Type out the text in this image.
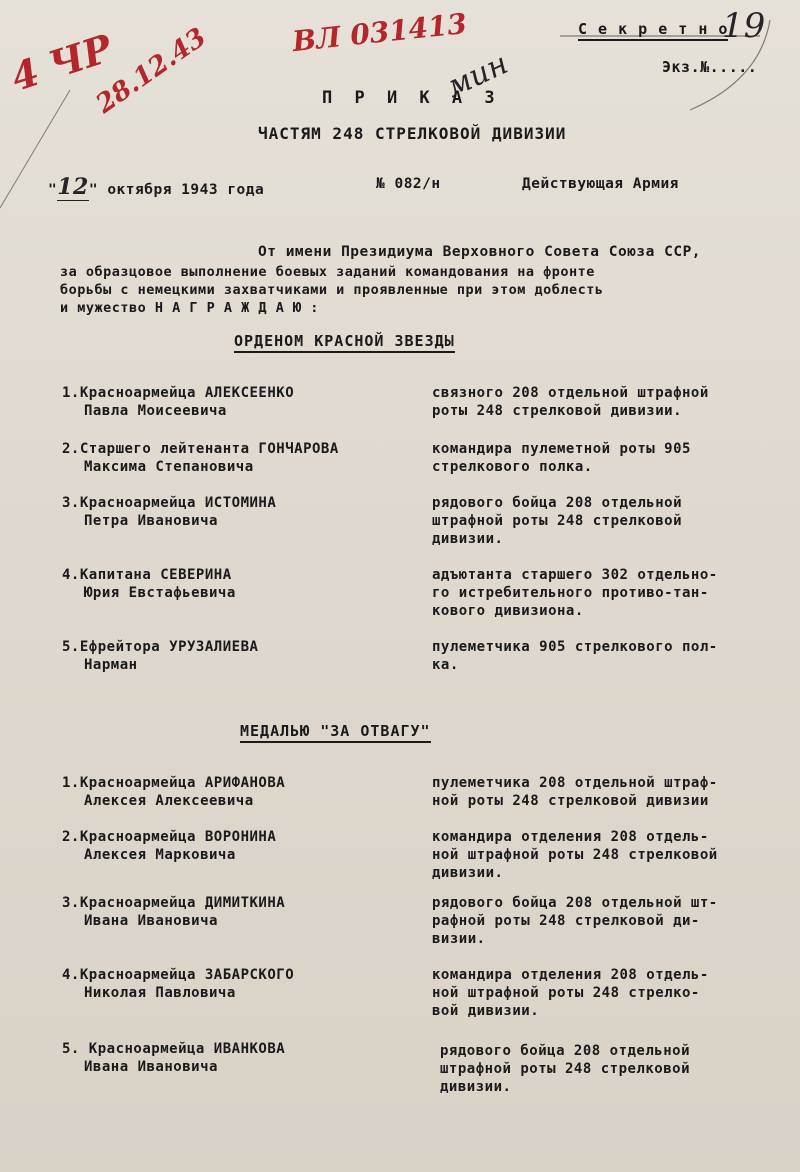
4 ЧР
28.12.43	ВЛ 031413
мин
19
С е к р е т н о
Экз.№.....
П Р И К А З
ЧАСТЯМ 248 СТРЕЛКОВОЙ ДИВИЗИИ
"12" октября 1943 года	№ 082/н	Действующая Армия
От имени Президиума Верховного Совета Союза ССР,
за образцовое выполнение боевых заданий командования на фронте
борьбы с немецкими захватчиками и проявленные при этом доблесть
и мужество Н А Г Р А Ж Д А Ю :
ОРДЕНОМ КРАСНОЙ ЗВЕЗДЫ
1.Красноармейца АЛЕКСЕЕНКО
Павла Моисеевича
связного 208 отдельной штрафной
роты 248 стрелковой дивизии.
2.Старшего лейтенанта ГОНЧАРОВА
Максима Степановича
командира пулеметной роты 905
стрелкового полка.
3.Красноармейца ИСТОМИНА
Петра Ивановича
рядового бойца 208 отдельной
штрафной роты 248 стрелковой
дивизии.
4.Капитана СЕВЕРИНА
Юрия Евстафьевича
адъютанта старшего 302 отдельно-
го истребительного противо-тан-
кового дивизиона.
5.Ефрейтора УРУЗАЛИЕВА
Нарман
пулеметчика 905 стрелкового пол-
ка.
МЕДАЛЬЮ "ЗА ОТВАГУ"
1.Красноармейца АРИФАНОВА
Алексея Алексеевича
пулеметчика 208 отдельной штраф-
ной роты 248 стрелковой дивизии
2.Красноармейца ВОРОНИНА
Алексея Марковича
командира отделения 208 отдель-
ной штрафной роты 248 стрелковой
дивизии.
3.Красноармейца ДИМИТКИНА
Ивана Ивановича
рядового бойца 208 отдельной шт-
рафной роты 248 стрелковой ди-
визии.
4.Красноармейца ЗАБАРСКОГО
Николая Павловича
командира отделения 208 отдель-
ной штрафной роты 248 стрелко-
вой дивизии.
5. Красноармейца ИВАНКОВА
Ивана Ивановича
рядового бойца 208 отдельной
штрафной роты 248 стрелковой
дивизии.
